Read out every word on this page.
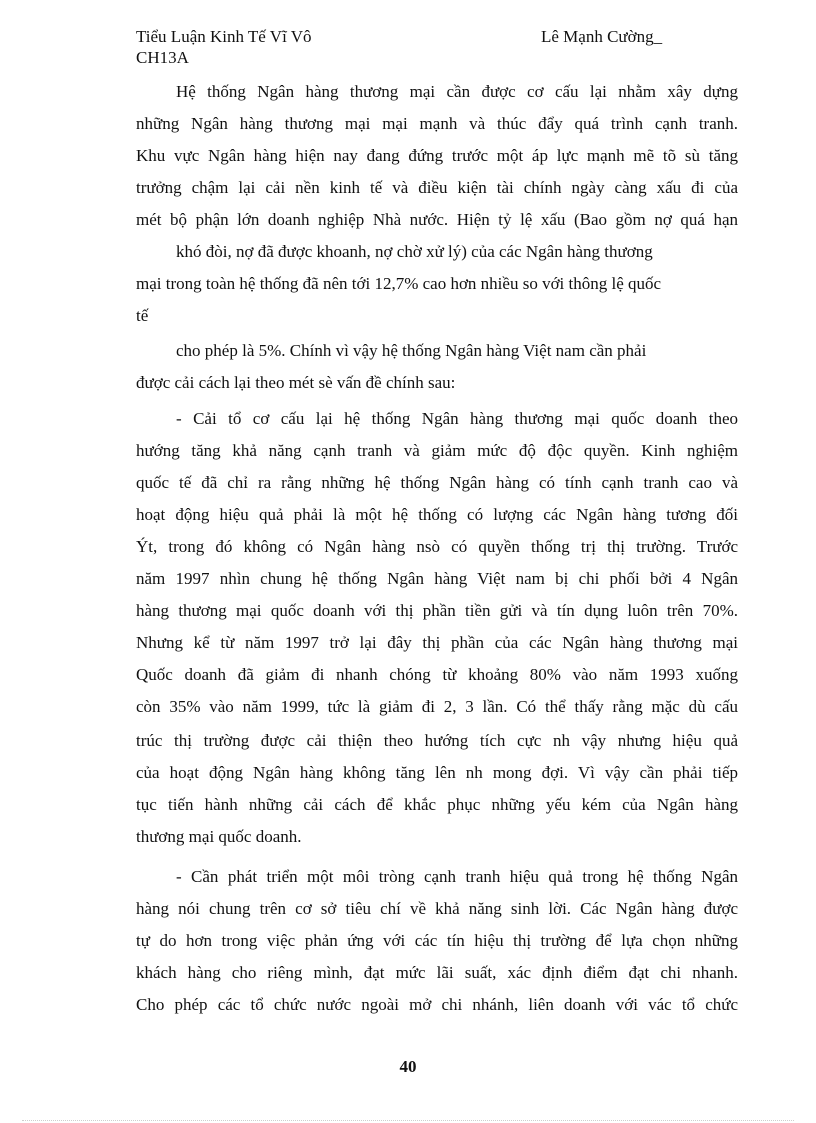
Tiểu Luận Kinh Tế Vĩ Vô
CH13A
Lê Mạnh Cường_
Hệ thống Ngân hàng thương mại cần được cơ cấu lại nhằm xây dựng
những Ngân hàng thương mại mại mạnh và thúc đẩy quá trình cạnh tranh.
Khu vực Ngân hàng hiện nay đang đứng trước một áp lực mạnh mẽ tõ sù tăng
trưởng chậm lại cải nền kinh tế và điều kiện tài chính ngày càng xấu đi của
mét bộ phận lớn doanh nghiệp Nhà nước. Hiện tỷ lệ xấu (Bao gồm nợ quá hạn
khó đòi, nợ đã được khoanh, nợ chờ xử lý) của các Ngân hàng thương
mại trong toàn hệ thống đã nên tới 12,7% cao hơn nhiều so với thông lệ quốc
tế
cho phép là 5%. Chính vì vậy hệ thống Ngân hàng Việt nam cần phải
được cải cách lại theo mét sè vấn đề chính sau:
- Cải tổ cơ cấu lại hệ thống Ngân hàng thương mại quốc doanh theo
hướng tăng khả năng cạnh tranh và giảm mức độ độc quyền. Kinh nghiệm
quốc tế đã chỉ ra rằng những hệ thống Ngân hàng có tính cạnh tranh cao và
hoạt động hiệu quả phải là một hệ thống có lượng các Ngân hàng tương đối
Ýt, trong đó không có Ngân hàng nsò có quyền thống trị thị trường. Trước
năm 1997 nhìn chung hệ thống Ngân hàng Việt nam bị chi phối bởi 4 Ngân
hàng thương mại quốc doanh với thị phần tiền gửi và tín dụng luôn trên 70%.
Nhưng kể từ năm 1997 trở lại đây thị phần của các Ngân hàng thương mại
Quốc doanh đã giảm đi nhanh chóng từ khoảng 80% vào năm 1993 xuống
còn 35% vào năm 1999, tức là giảm đi 2, 3 lần. Có thể thấy rằng mặc dù cấu
trúc thị trường được cải thiện theo hướng tích cực nh vậy nhưng hiệu quả
của hoạt động Ngân hàng không tăng lên nh mong đợi. Vì vậy cần phải tiếp
tục tiến hành những cải cách để khắc phục những yếu kém của Ngân hàng
thương mại quốc doanh.
- Cần phát triển một môi tròng cạnh tranh hiệu quả trong hệ thống Ngân
hàng nói chung trên cơ sở tiêu chí về khả năng sinh lời. Các Ngân hàng được
tự do hơn trong việc phản ứng với các tín hiệu thị trường để lựa chọn những
khách hàng cho riêng mình, đạt mức lãi suất, xác định điểm đạt chi nhanh.
Cho phép các tổ chức nước ngoài mở chi nhánh, liên doanh với vác tổ chức
40
